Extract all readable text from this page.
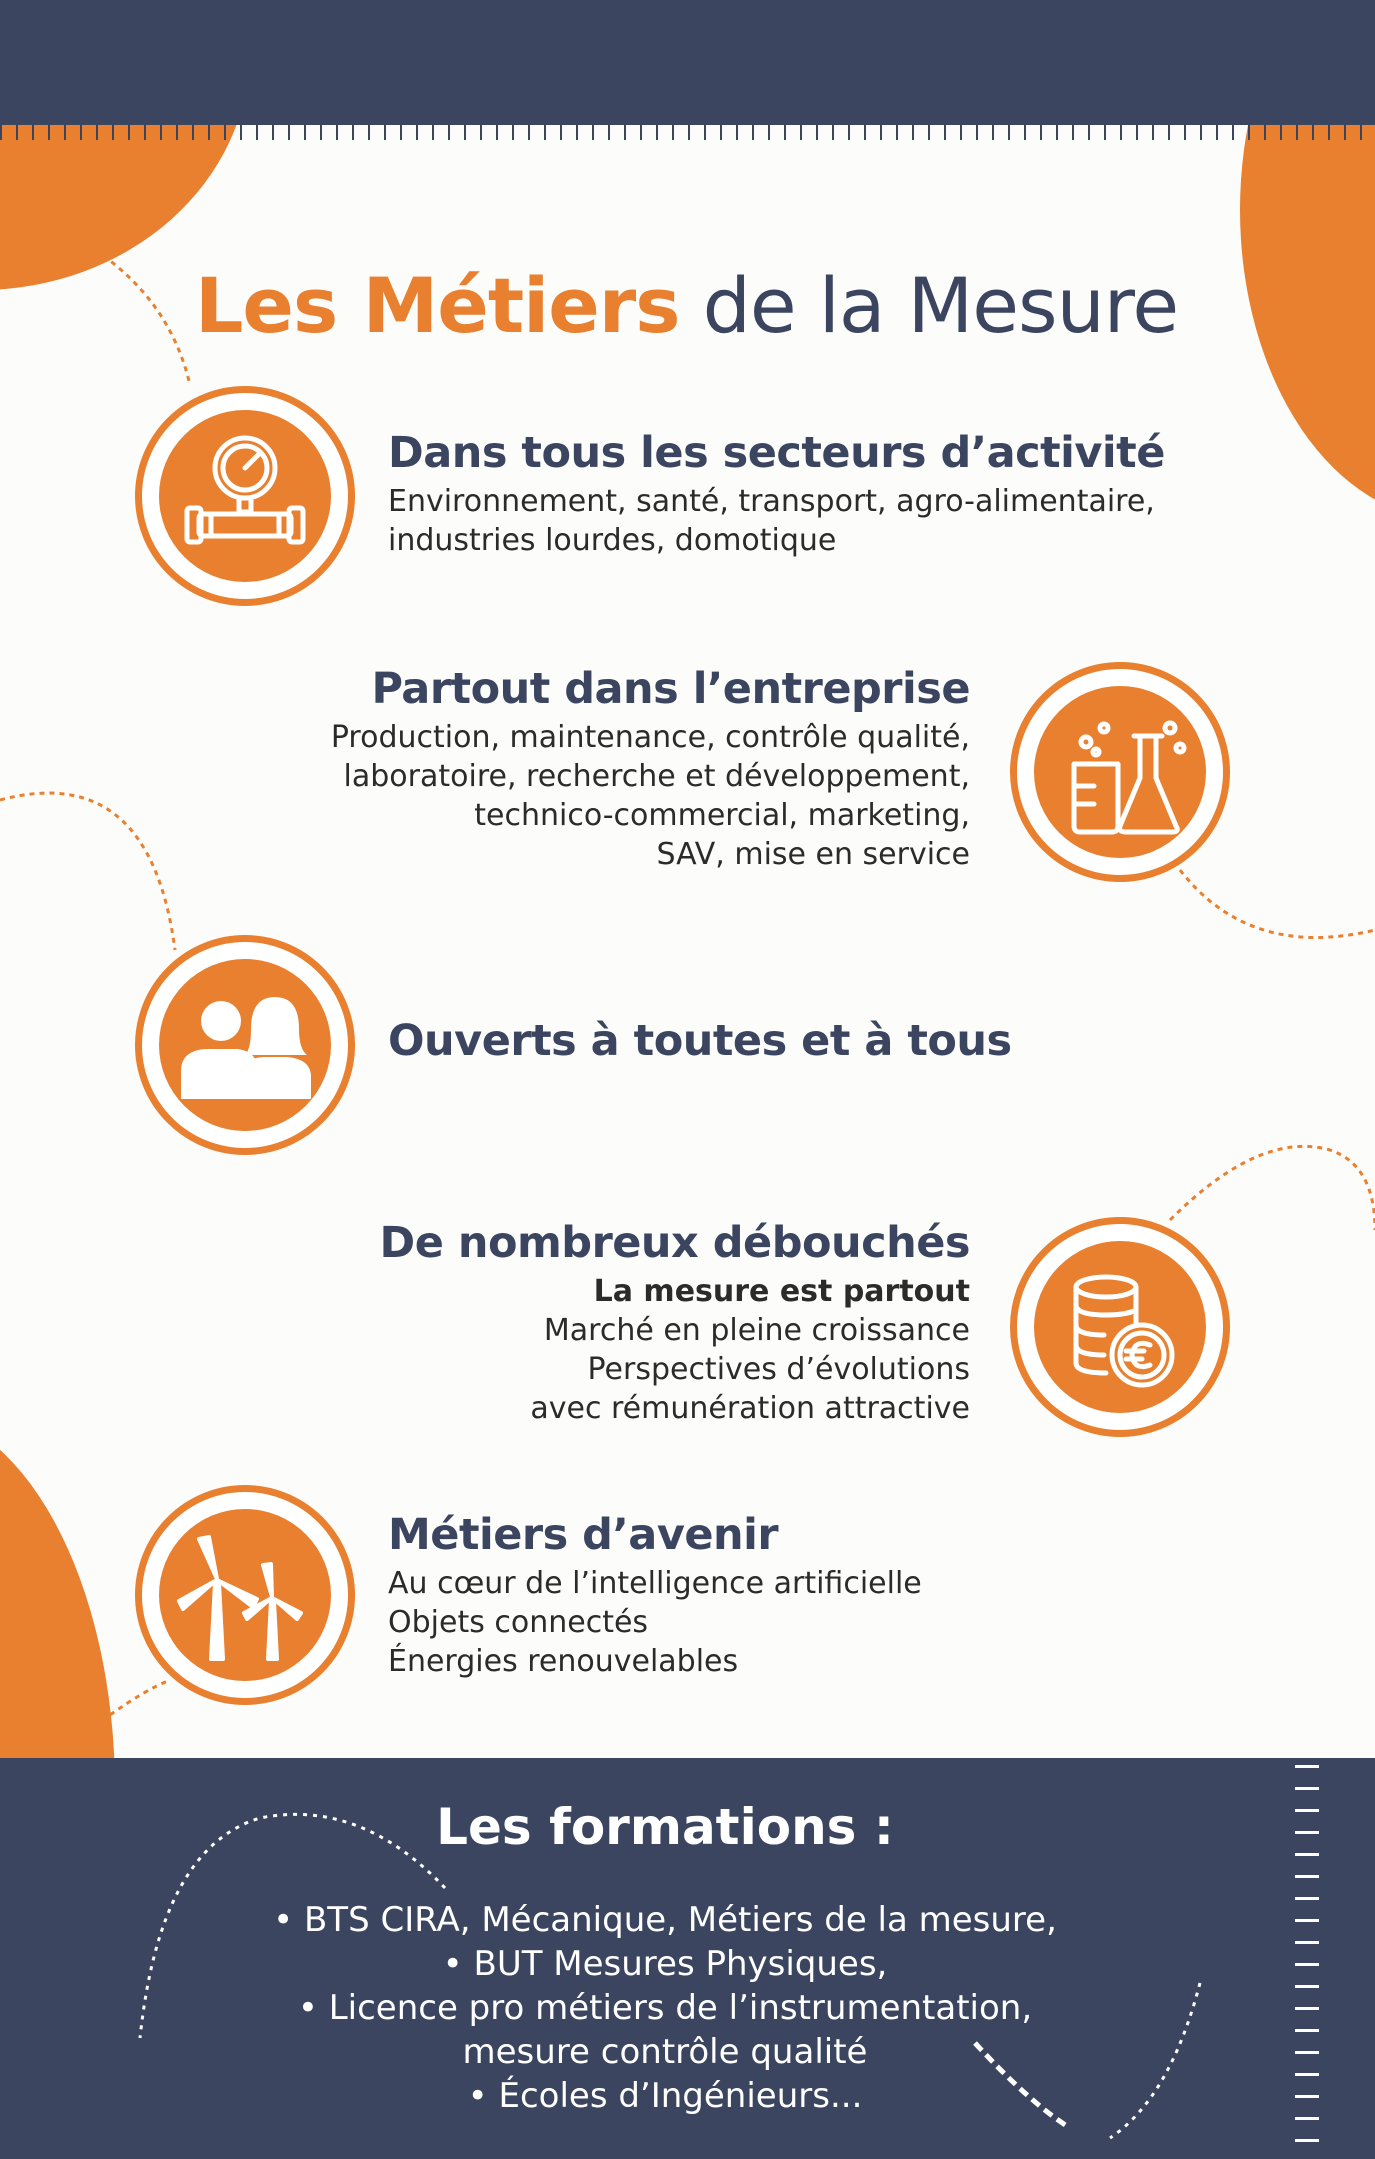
Les Métiers de la Mesure
Dans tous les secteurs d’activité

Environnement, santé, transport, agro-alimentaire,

industries lourdes, domotique

Partout dans l’entreprise

Production, maintenance, contrôle qualité,

laboratoire, recherche et développement,

technico-commercial, marketing,

SAV, mise en service

Ouverts à toutes et à tous
De nombreux débouchés

La mesure est partout

Marché en pleine croissance

Perspectives d’évolutions

avec rémunération attractive

Métiers d’avenir

Au cœur de l’intelligence artificielle

Objets connectés

Énergies renouvelables

Les formations :
• BTS CIRA, Mécanique, Métiers de la mesure,
• BUT Mesures Physiques,
• Licence pro métiers de l’instrumentation,
mesure contrôle qualité
• Écoles d’Ingénieurs...
